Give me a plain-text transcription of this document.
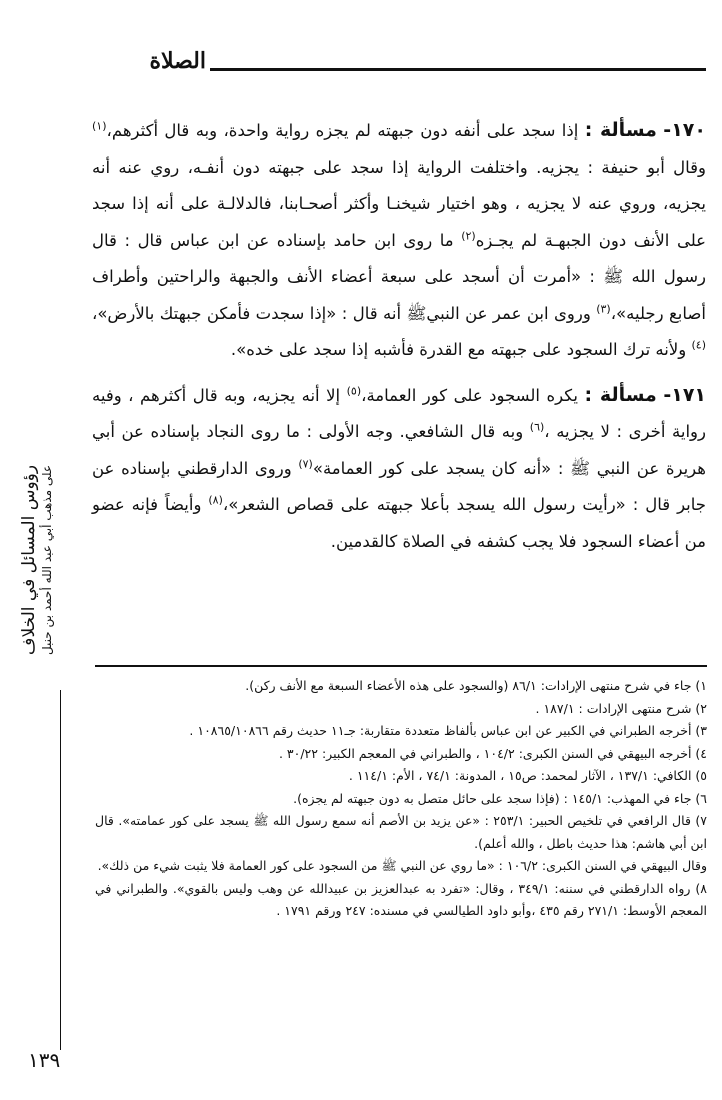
الصلاة
رؤوس المسائل في الخلاف على مذهب أبي عبد الله أحمد بن حنبل

١٧٠- مسألة : إذا سجد على أنفه دون جبهته لم يجزه رواية واحدة، وبه قال أكثرهم،$^{(١)}$ وقال أبو حنيفة : يجزيه. واختلفت الرواية إذا سجد على جبهته دون أنفـه، روي عنه أنه يجزيه، وروي عنه لا يجزيه ، وهو اختيار شيخنـا وأكثر أصحـابنا، فالدلالـة على أنه إذا سجد على الأنف دون الجبهـة لم يجـزه$^{(٢)}$ ما روى ابن حامد بإسناده عن ابن عباس قال : قال رسول الله ﷺ : «أمرت أن أسجد على سبعة أعضاء الأنف والجبهة والراحتين وأطراف أصابع رجليه»،$^{(٣)}$ وروى ابن عمر عن النبيﷺ أنه قال : «إذا سجدت فأمكن جبهتك بالأرض»،$^{(٤)}$ ولأنه ترك السجود على جبهته مع القدرة فأشبه إذا سجد على خده».

١٧١- مسألة : يكره السجود على كور العمامة،$^{(٥)}$ إلا أنه يجزيه، وبه قال أكثرهم ، وفيه رواية أخرى : لا يجزيه ،$^{(٦)}$ وبه قال الشافعي. وجه الأولى : ما روى النجاد بإسناده عن أبي هريرة عن النبي ﷺ : «أنه كان يسجد على كور العمامة»$^{(٧)}$ وروى الدارقطني بإسناده عن جابر قال : «رأيت رسول الله يسجد بأعلا جبهته على قصاص الشعر»،$^{(٨)}$ وأيضاً فإنه عضو من أعضاء السجود فلا يجب كشفه في الصلاة كالقدمين.

١) جاء في شرح منتهى الإرادات: ٨٦/١ (والسجود على هذه الأعضاء السبعة مع الأنف ركن).

٢) شرح منتهى الإرادات : ١٨٧/١ .

٣) أخرجه الطبراني في الكبير عن ابن عباس بألفاظ متعددة متقاربة: جـ١١ حديث رقم ١٠٨٦٥/١٠٨٦٦ .

٤) أخرجه البيهقي في السنن الكبرى: ١٠٤/٢ ، والطبراني في المعجم الكبير: ٣٠/٢٢ .

٥) الكافي: ١٣٧/١ ، الآثار لمحمد: ص١٥ ، المدونة: ٧٤/١ ، الأم: ١١٤/١ .

٦) جاء في المهذب: ١٤٥/١ : (فإذا سجد على حائل متصل به دون جبهته لم يجزه).

٧) قال الرافعي في تلخيص الحبير: ٢٥٣/١ : «عن يزيد بن الأصم أنه سمع رسول الله ﷺ يسجد على كور عمامته». قال ابن أبي هاشم: هذا حديث باطل ، والله أعلم).

وقال البيهقي في السنن الكبرى: ١٠٦/٢ : «ما روي عن النبي ﷺ من السجود على كور العمامة فلا يثبت شيء من ذلك».

٨) رواه الدارقطني في سننه: ٣٤٩/١ ، وقال: «تفرد به عبدالعزيز بن عبيدالله عن وهب وليس بالقوي». والطبراني في المعجم الأوسط: ٢٧١/١ رقم ٤٣٥ ،وأبو داود الطيالسي في مسنده: ٢٤٧ ورقم ١٧٩١ .

١٣٩
